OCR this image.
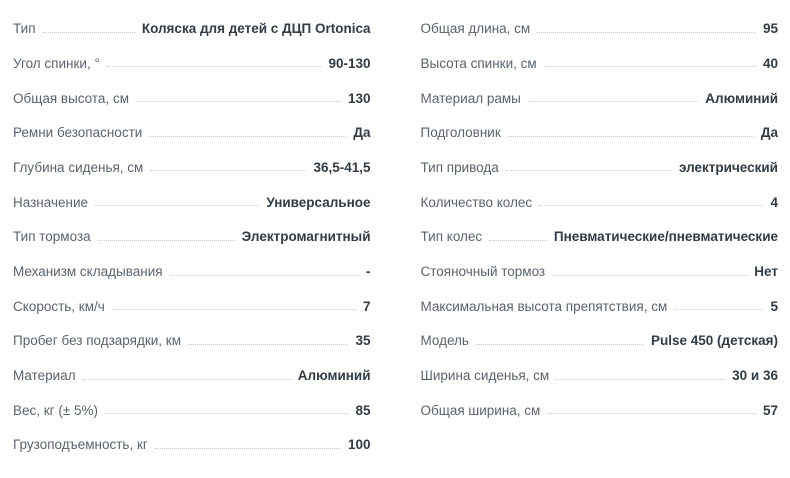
Тип	Коляска для детей с ДЦП Ortonica
Угол спинки, °	90-130
Общая высота, см	130
Ремни безопасности	Да
Глубина сиденья, см	36,5-41,5
Назначение	Универсальное
Тип тормоза	Электромагнитный
Механизм складывания	-
Скорость, км/ч	7
Пробег без подзарядки, км	35
Материал	Алюминий
Вес, кг (± 5%)	85
Грузоподъемность, кг	100
Общая длина, см	95
Высота спинки, см	40
Материал рамы	Алюминий
Подголовник	Да
Тип привода	электрический
Количество колес	4
Тип колес	Пневматические/пневматические
Стояночный тормоз	Нет
Максимальная высота препятствия, см	5
Модель	Pulse 450 (детская)
Ширина сиденья, см	30 и 36
Общая ширина, см	57
